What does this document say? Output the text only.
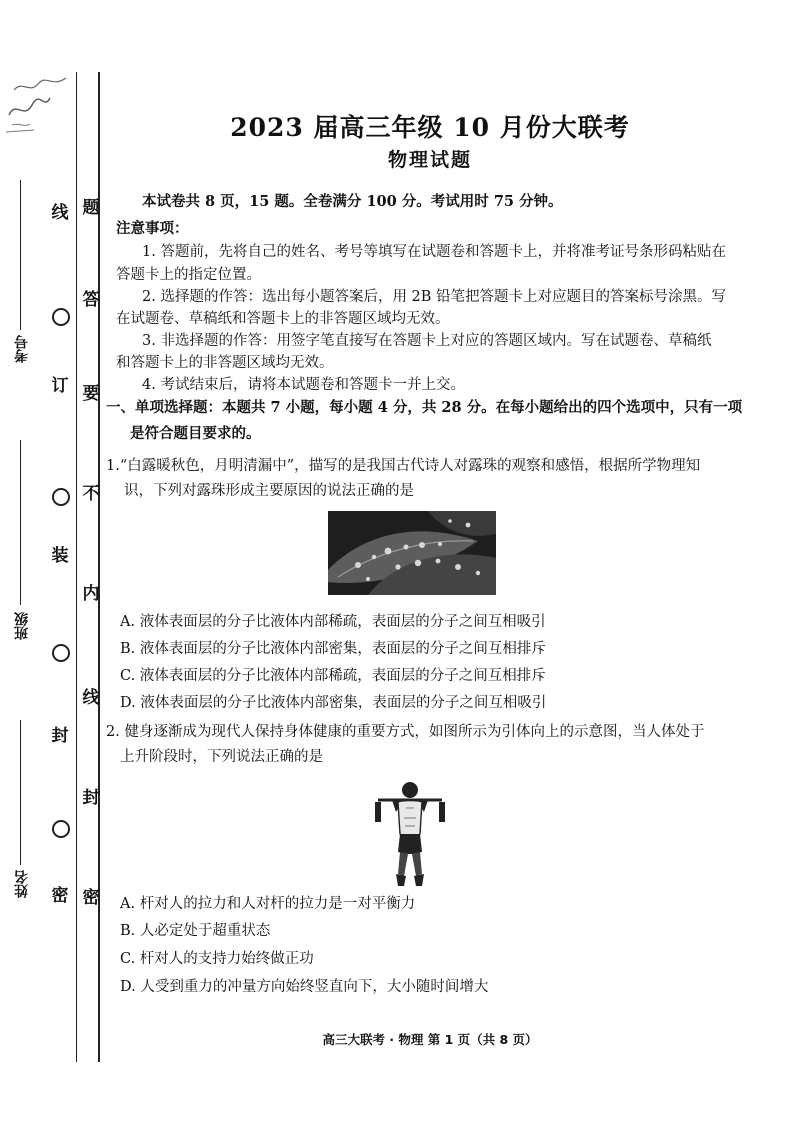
题
答
要
不
内
线
封
密
线
订
装
封
密
考号
班级
姓名
2023 届高三年级 10 月份大联考
物理试题
本试卷共 8 页，15 题。全卷满分 100 分。考试用时 75 分钟。
注意事项：
1. 答题前，先将自己的姓名、考号等填写在试题卷和答题卡上，并将准考证号条形码粘贴在
答题卡上的指定位置。
2. 选择题的作答：选出每小题答案后，用 2B 铅笔把答题卡上对应题目的答案标号涂黑。写
在试题卷、草稿纸和答题卡上的非答题区域均无效。
3. 非选择题的作答：用签字笔直接写在答题卡上对应的答题区域内。写在试题卷、草稿纸
和答题卡上的非答题区域均无效。
4. 考试结束后，请将本试题卷和答题卡一并上交。
一、单项选择题：本题共 7 小题，每小题 4 分，共 28 分。在每小题给出的四个选项中，只有一项
是符合题目要求的。
1.“白露暖秋色，月明清漏中”，描写的是我国古代诗人对露珠的观察和感悟，根据所学物理知
识，下列对露珠形成主要原因的说法正确的是
A. 液体表面层的分子比液体内部稀疏，表面层的分子之间互相吸引
B. 液体表面层的分子比液体内部密集，表面层的分子之间互相排斥
C. 液体表面层的分子比液体内部稀疏，表面层的分子之间互相排斥
D. 液体表面层的分子比液体内部密集，表面层的分子之间互相吸引
2. 健身逐渐成为现代人保持身体健康的重要方式，如图所示为引体向上的示意图，当人体处于
上升阶段时，下列说法正确的是
A. 杆对人的拉力和人对杆的拉力是一对平衡力
B. 人必定处于超重状态
C. 杆对人的支持力始终做正功
D. 人受到重力的冲量方向始终竖直向下，大小随时间增大
高三大联考 · 物理 第 1 页（共 8 页）
